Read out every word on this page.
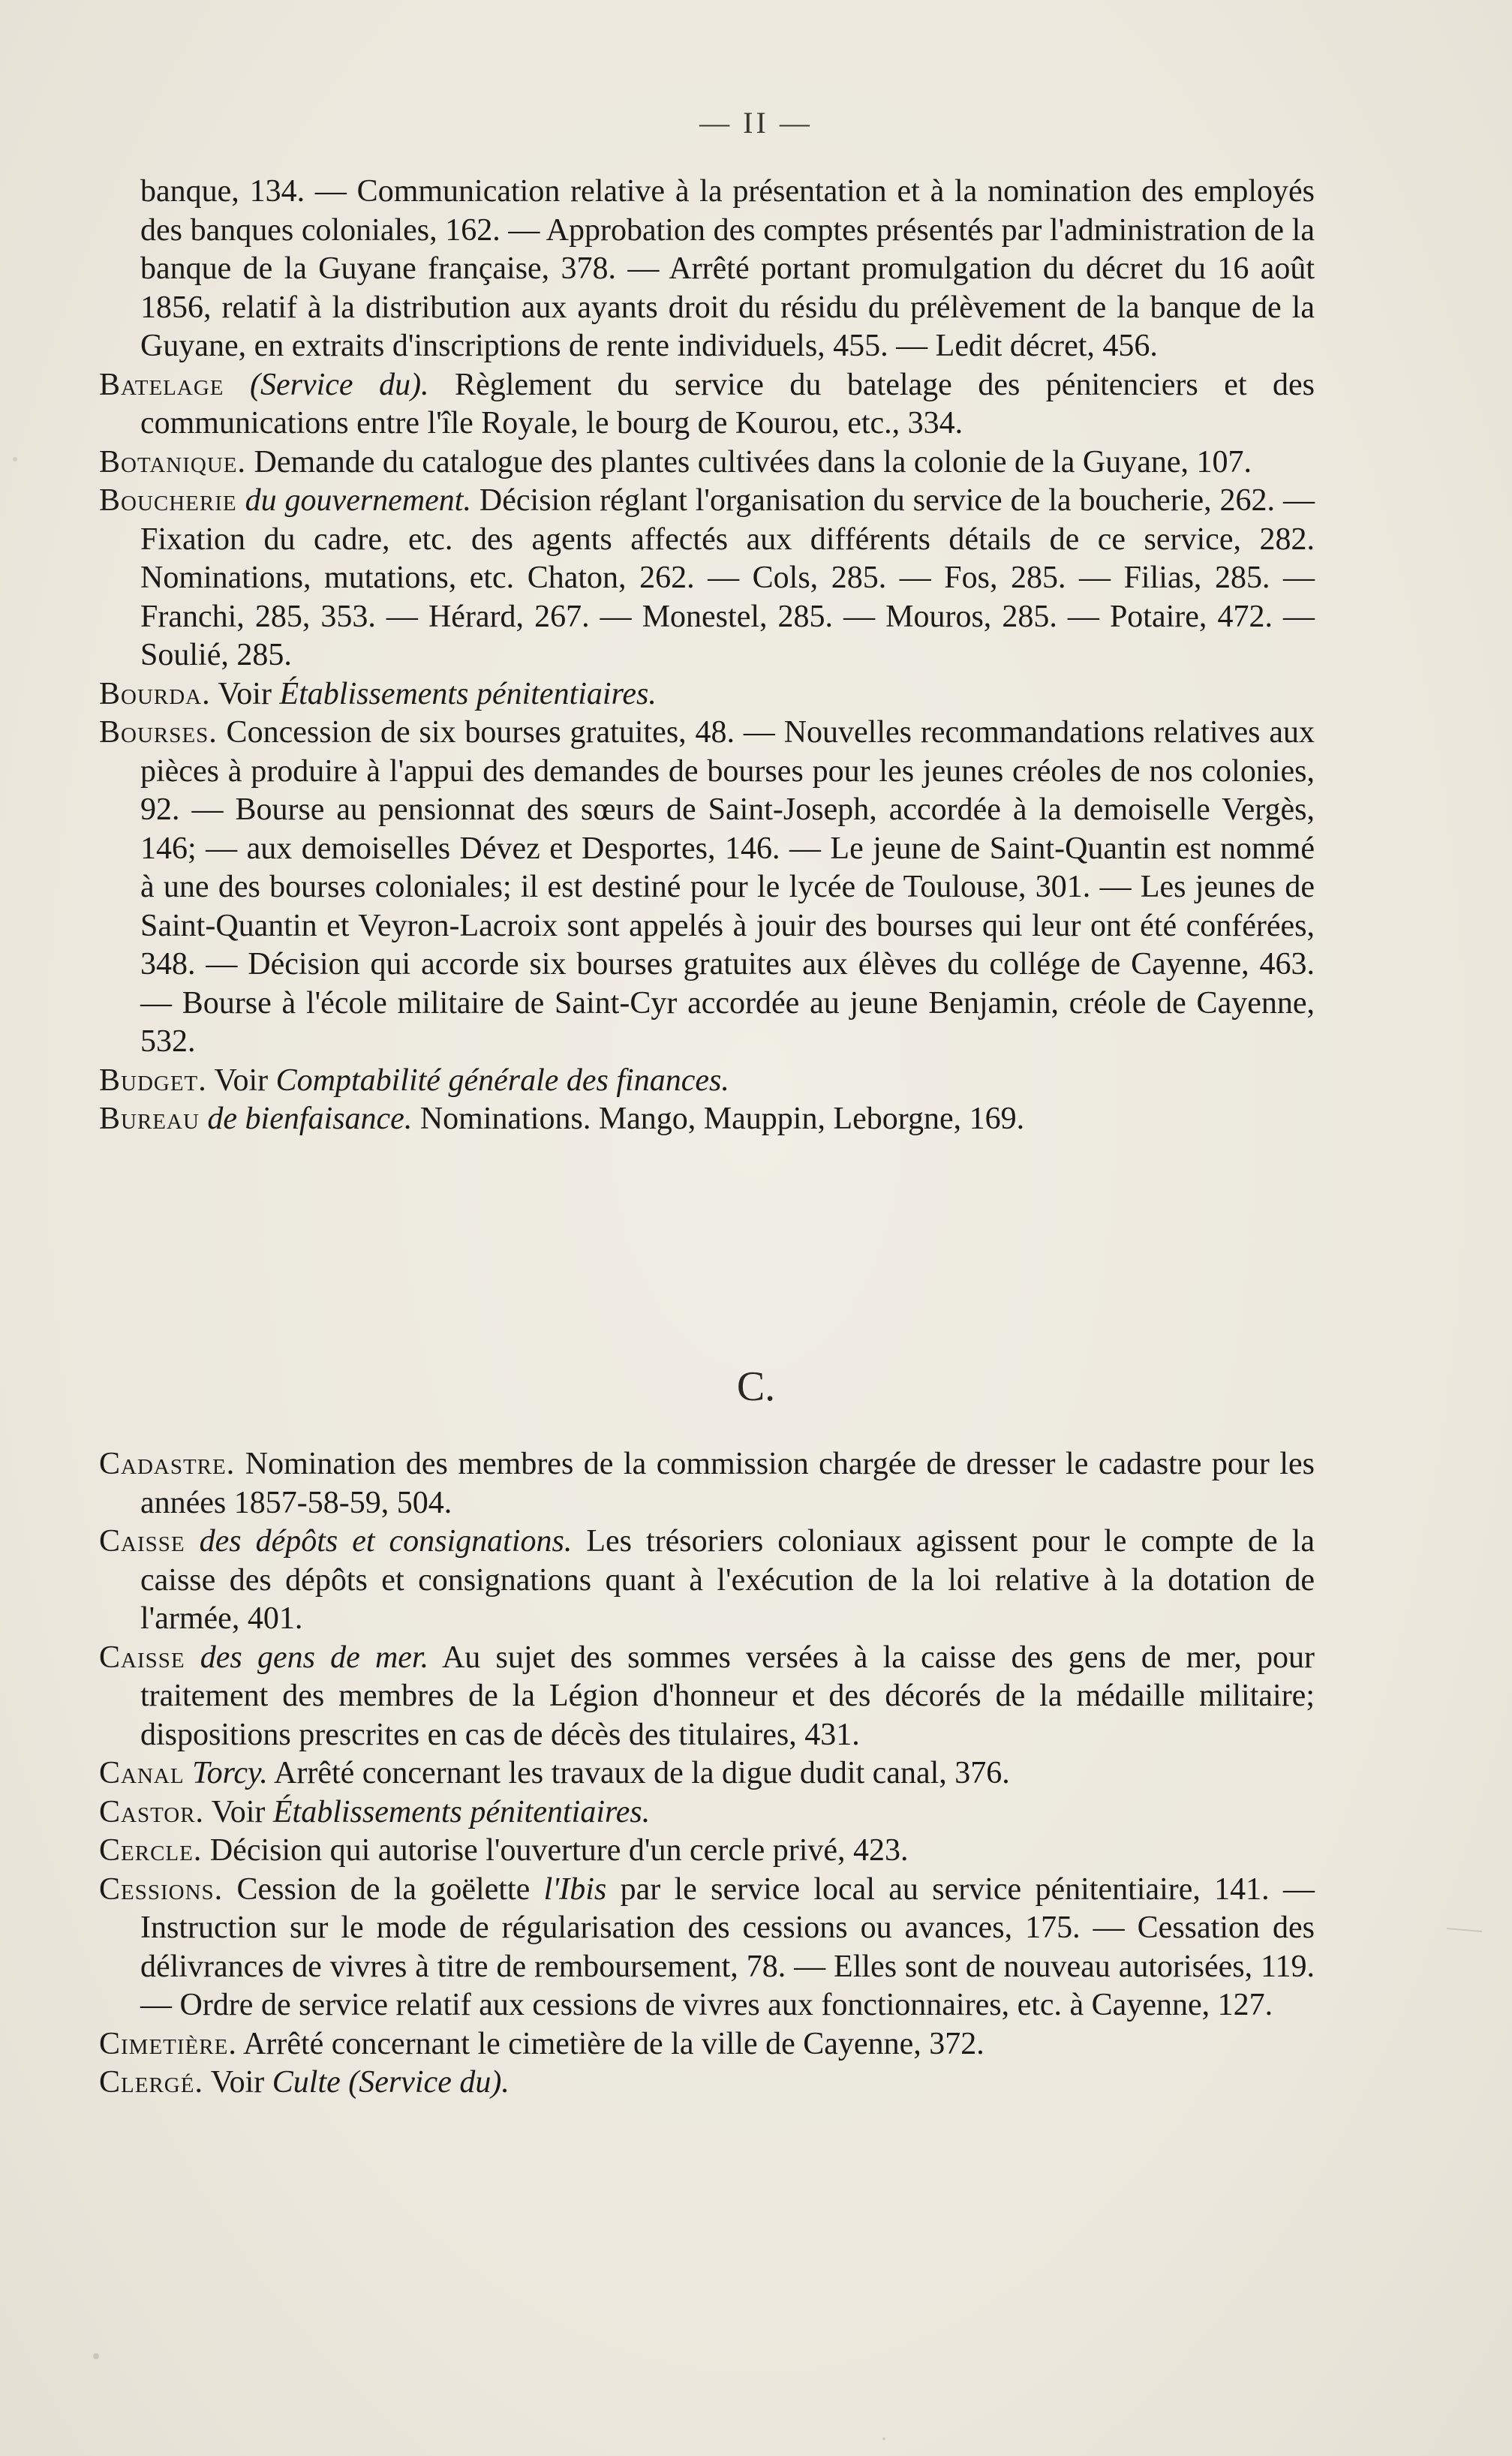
— II —

banque, 134. — Communication relative à la présentation et à la nomination des employés des banques coloniales, 162. — Approbation des comptes présentés par l'administration de la banque de la Guyane française, 378. — Arrêté portant promulgation du décret du 16 août 1856, relatif à la distribution aux ayants droit du résidu du prélèvement de la banque de la Guyane, en extraits d'inscriptions de rente individuels, 455. — Ledit décret, 456.

Batelage (Service du). Règlement du service du batelage des pénitenciers et des communications entre l'île Royale, le bourg de Kourou, etc., 334.

Botanique. Demande du catalogue des plantes cultivées dans la colonie de la Guyane, 107.

Boucherie du gouvernement. Décision réglant l'organisation du service de la boucherie, 262. — Fixation du cadre, etc. des agents affectés aux différents détails de ce service, 282. Nominations, mutations, etc. Chaton, 262. — Cols, 285. — Fos, 285. — Filias, 285. — Franchi, 285, 353. — Hérard, 267. — Monestel, 285. — Mouros, 285. — Potaire, 472. — Soulié, 285.

Bourda. Voir Établissements pénitentiaires.

Bourses. Concession de six bourses gratuites, 48. — Nouvelles recommandations relatives aux pièces à produire à l'appui des demandes de bourses pour les jeunes créoles de nos colonies, 92. — Bourse au pensionnat des sœurs de Saint-Joseph, accordée à la demoiselle Vergès, 146; — aux demoiselles Dévez et Desportes, 146. — Le jeune de Saint-Quantin est nommé à une des bourses coloniales; il est destiné pour le lycée de Toulouse, 301. — Les jeunes de Saint-Quantin et Veyron-Lacroix sont appelés à jouir des bourses qui leur ont été conférées, 348. — Décision qui accorde six bourses gratuites aux élèves du collége de Cayenne, 463. — Bourse à l'école militaire de Saint-Cyr accordée au jeune Benjamin, créole de Cayenne, 532.

Budget. Voir Comptabilité générale des finances.

Bureau de bienfaisance. Nominations. Mango, Mauppin, Leborgne, 169.

C.

Cadastre. Nomination des membres de la commission chargée de dresser le cadastre pour les années 1857-58-59, 504.

Caisse des dépôts et consignations. Les trésoriers coloniaux agissent pour le compte de la caisse des dépôts et consignations quant à l'exécution de la loi relative à la dotation de l'armée, 401.

Caisse des gens de mer. Au sujet des sommes versées à la caisse des gens de mer, pour traitement des membres de la Légion d'honneur et des décorés de la médaille militaire; dispositions prescrites en cas de décès des titulaires, 431.

Canal Torcy. Arrêté concernant les travaux de la digue dudit canal, 376.

Castor. Voir Établissements pénitentiaires.

Cercle. Décision qui autorise l'ouverture d'un cercle privé, 423.

Cessions. Cession de la goëlette l'Ibis par le service local au service pénitentiaire, 141. — Instruction sur le mode de régularisation des cessions ou avances, 175. — Cessation des délivrances de vivres à titre de remboursement, 78. — Elles sont de nouveau autorisées, 119. — Ordre de service relatif aux cessions de vivres aux fonctionnaires, etc. à Cayenne, 127.

Cimetière. Arrêté concernant le cimetière de la ville de Cayenne, 372.

Clergé. Voir Culte (Service du).
